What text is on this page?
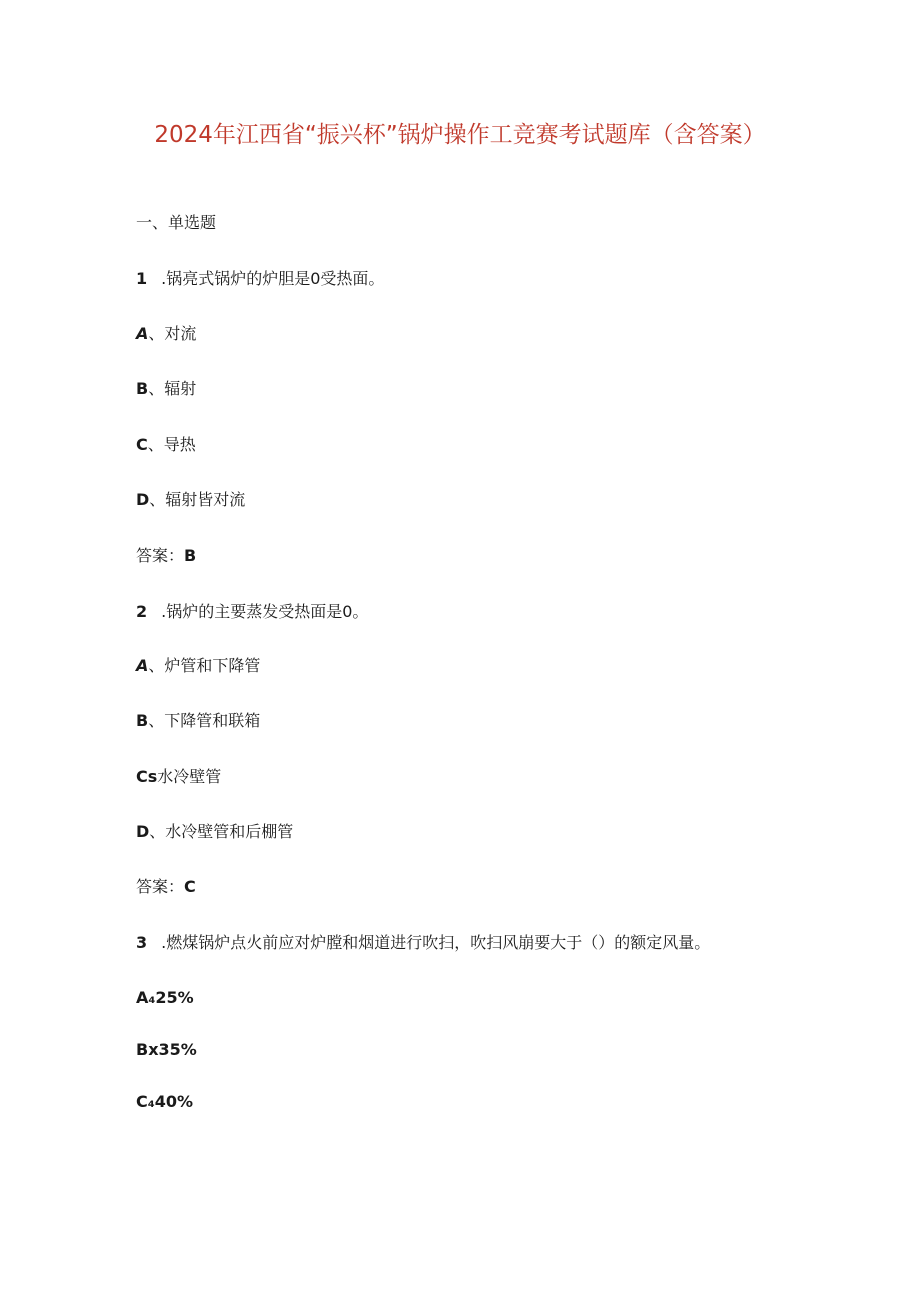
2024年江西省“振兴杯”锅炉操作工竞赛考试题库（含答案）
一、单选题
1 .锅亮式锅炉的炉胆是0受热面。
A、对流
B、辐射
C、导热
D、辐射皆对流
答案：B
2 .锅炉的主要蒸发受热面是0。
A、炉管和下降管
B、下降管和联箱
Cs水冷壁管
D、水冷壁管和后棚管
答案：C
3 .燃煤锅炉点火前应对炉膛和烟道进行吹扫，吹扫风崩要大于（）的额定风量。
A₄25%
Bx35%
C₄40%
